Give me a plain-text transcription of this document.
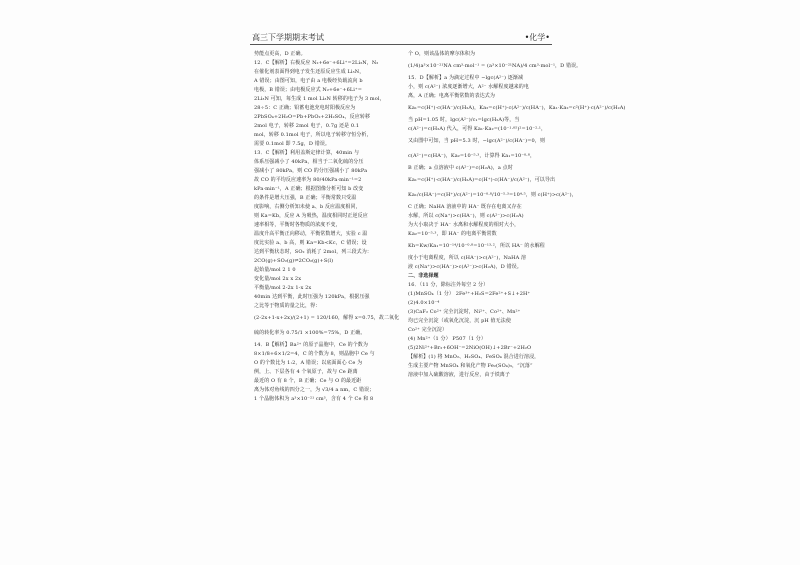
高三下学期期末考试	•化学•
势能点更高，D 正确。
12．C【解析】右极反应 N₂+6e⁻+6Li⁺=2Li₃N，N₂
在催化剂表面得到电子发生还原反应生成 Li₃N，
A 错误；由图可知，电子由 a 电极经负载流向 b
电极，B 错误；由电极反应式 N₂+6e⁻+6Li⁺=
2Li₃N 可知，每生成 1 mol Li₃N 转移的电子为 3 mol，
28÷5：C 正确；铅蓄电池充电时阳极反应为
2PbSO₄+2H₂O=Pb+PbO₂+2H₂SO₄，反应转移
2mol 电子，转移 2mol 电子，0.7g 还是 0.1
mol，转移 0.1mol 电子，所以电子转移守恒分析，
需要 0.1mol 即 7.5g，D 错误。
13．C【解析】利用盖斯定律计算，40min 与
体系压强减小了 40kPa，相当于二氧化硫的分压
强减小了 80kPa，则 CO 的分压强减小了 80kPa
故 CO 的平均反应速率为 80/40kPa·min⁻¹=2
kPa·min⁻¹，A 正确；根据图像分析可知 b 改变
的条件是增大压强，B 正确；平衡常数只受温
度影响，右侧分析知未使 a、b 反应温度相同，
则 Ka=Kb，反应 A 为吸热，温度相同时正逆反应
速率相等，平衡时各物质的浓度不变，
温度升高平衡正向移动，平衡常数增大，实验 c 温
度比实验 a、b 高，则 Ka=Kb<Kc，C 错误；设
达到平衡状态时，SO₂ 消耗了 2mol，列三段式为：
2CO(g)+SO₂(g)⇌2CO₂(g)+S(l)
起始量/mol 2 1 0
变化量/mol 2x x 2x
平衡量/mol 2-2x 1-x 2x
40min 达到平衡，此时压强为 120kPa，根据压强
之比等于物质的量之比，得：
(2-2x+1-x+2x)/(2+1) = 120/160，解得 x=0.75，故二氧化
硫的转化率为 0.75/1 ×100%=75%，D 正确。
14．B【解析】Ba²⁺ 的原子晶胞中，Ce 的个数为
8×1/8+6×1/2=4，C 的个数为 8，则晶胞中 Ce 与
O 的个数比为 1:2，A 错误；以底面面心 Ce 为
例，上、下层各有 4 个氧原子，故与 Ce 距离
最近的 O 有 8 个，B 正确；Ce 与 O 的最近距
离为体对角线的四分之一，为 √3/4 a nm，C 错误；
1 个晶胞体积为 a³×10⁻²¹ cm³，含有 4 个 Ce 和 8
个 O，则该晶体的摩尔体积为
(1/4)a³×10⁻²¹NA cm³·mol⁻¹ = (a³×10⁻²¹NA)/4 cm³·mol⁻¹，D 错误。
15．D【解析】a 为滴定过程中 −lgc(A²⁻) 逐渐减
小，则 c(A²⁻) 浓度逐渐增大，A²⁻ 水解程度越来的电
离，A 正确；电离平衡常数的表达式为
Ka₁=c(H⁺)·c(HA⁻)/c(H₂A)，Ka₂=c(H⁺)·c(A²⁻)/c(HA⁻)，Ka₁·Ka₂=c²(H⁺)·c(A²⁻)/c(H₂A)
当 pH=1.05 时，lgc(A²⁻)/c₁=lgc(H₂A)等，当
c(A²⁻)=c(H₂A) 代入，可得 Ka₁·Ka₂=(10⁻¹·⁰⁵)²=10⁻²·¹，
又由图中可知，当 pH=5.3 时，−lgc(A²⁻)/c(HA⁻)=0，则
c(A²⁻)=c(HA⁻)，Ka₂=10⁻⁵·³，计算得 Ka₁=10⁻⁰·⁸，
B 正确；a 点溶液中 c(A²⁻)=c(H₂A)，a 点时
Ka₁=c(H⁺)·c(HA⁻)/c(H₂A)=c(H⁺)·c(HA⁻)/c(A²⁻)，可以导出
Ka₁/c(HA⁻)=c(H⁺)/c(A²⁻)=10⁻⁰·⁸/10⁻⁵·³=10⁴·⁵，则 c(H⁺)>c(A²⁻)，
C 正确；NaHA 溶液中的 HA⁻ 既存在电离又存在
水解，所以 c(Na⁺)>c(HA⁻)，则 c(A²⁻)>c(H₂A)
为大小取决于 HA⁻ 水离和水解程度的相对大小，
Ka₂=10⁻⁵·³，即 HA⁻ 的电离平衡常数
Kh=Kw/Ka₁=10⁻¹⁴/10⁻⁰·⁸=10⁻¹³·²，所以 HA⁻ 的水解程
度小于电离程度，所以 c(HA⁻)>c(A²⁻)，NaHA 溶
液 c(Na⁺)>c(HA⁻)>c(A²⁻)>c(H₂A)，D 错误。
二、非选择题
16．（11 分，除标注外每空 2 分）
(1)MnSO₄（1 分） 2Fe³⁺+H₂S=2Fe²⁺+S↓+2H⁺
(2)4.0×10⁻⁴
(3)CaF₂ Co²⁺ 完全沉淀时，Ni²⁺、Co²⁺、Mn²⁺
均已完全沉淀（或氧化沉淀，沉 pH 值无法使
Co²⁺ 完全沉淀）
(4) Mn²⁺（1 分） P507（1 分）
(5)2Ni²⁺+Br₂+6OH⁻=2NiO(OH)↓+2Br⁻+2H₂O
【解析】(1) 将 MnO₂、H₂SO₄、FeSO₄ 混合进行溶浸，
生成主要产物 MnSO₄ 和氧化产物 Fe₂(SO₄)₃，“沉落”
溶液中加入硫酸溶液，进行反应，由于铁离子
